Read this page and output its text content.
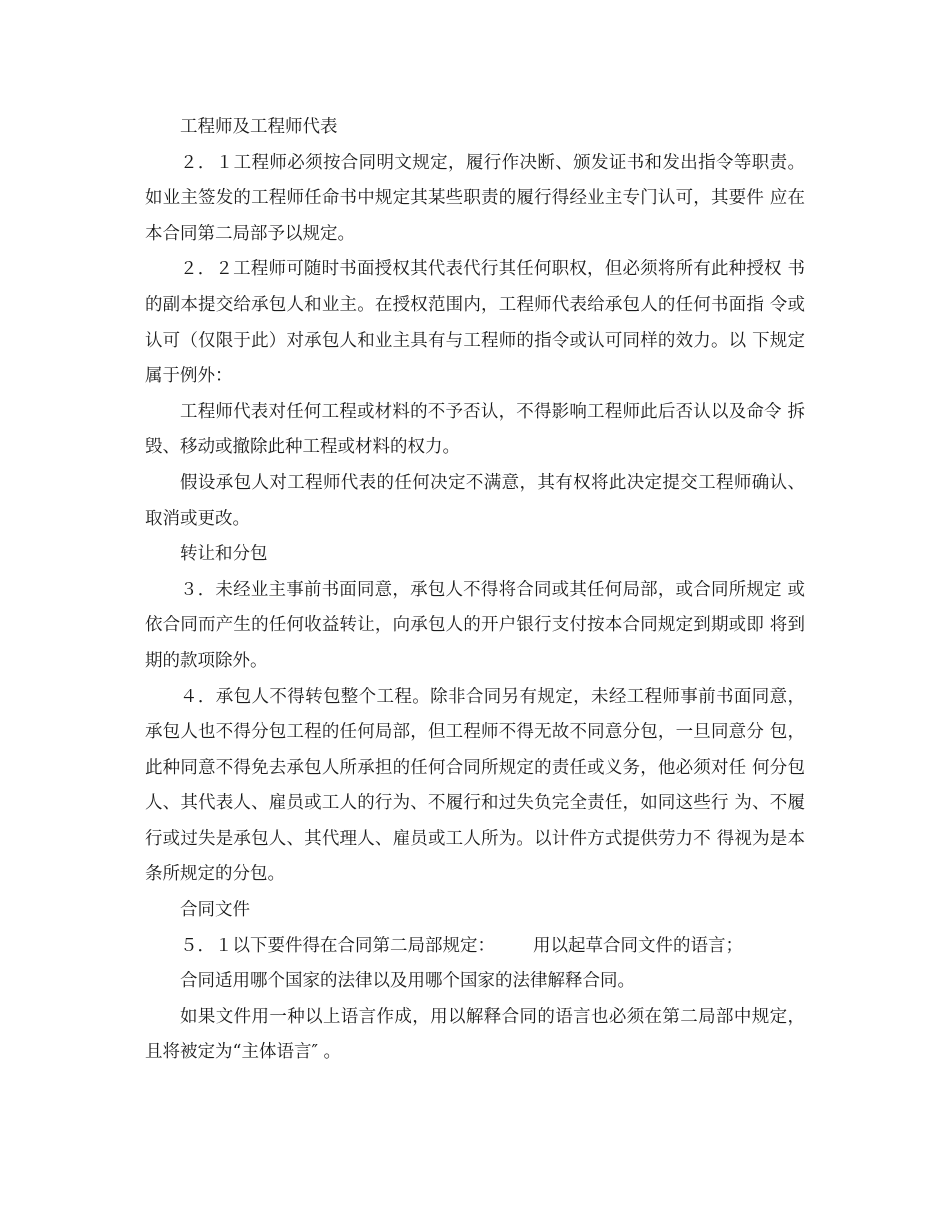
工程师及工程师代表

２．１工程师必须按合同明文规定，履行作决断、颁发证书和发出指令等职责。 如业主签发的工程师任命书中规定其某些职责的履行得经业主专门认可，其要件 应在本合同第二局部予以规定。

２．２工程师可随时书面授权其代表代行其任何职权，但必须将所有此种授权 书的副本提交给承包人和业主。在授权范围内，工程师代表给承包人的任何书面指 令或认可（仅限于此）对承包人和业主具有与工程师的指令或认可同样的效力。以 下规定属于例外：

工程师代表对任何工程或材料的不予否认，不得影响工程师此后否认以及命令 拆毁、移动或撤除此种工程或材料的权力。

假设承包人对工程师代表的任何决定不满意，其有权将此决定提交工程师确认、 取消或更改。

转让和分包

３．未经业主事前书面同意，承包人不得将合同或其任何局部，或合同所规定 或依合同而产生的任何收益转让，向承包人的开户银行支付按本合同规定到期或即 将到期的款项除外。

４．承包人不得转包整个工程。除非合同另有规定，未经工程师事前书面同意， 承包人也不得分包工程的任何局部，但工程师不得无故不同意分包，一旦同意分 包，此种同意不得免去承包人所承担的任何合同所规定的责任或义务，他必须对任 何分包人、其代表人、雇员或工人的行为、不履行和过失负完全责任，如同这些行 为、不履行或过失是承包人、其代理人、雇员或工人所为。以计件方式提供劳力不 得视为是本条所规定的分包。

合同文件

５．１以下要件得在合同第二局部规定： 用以起草合同文件的语言；

合同适用哪个国家的法律以及用哪个国家的法律解释合同。

如果文件用一种以上语言作成，用以解释合同的语言也必须在第二局部中规定， 且将被定为“主体语言″ 。
